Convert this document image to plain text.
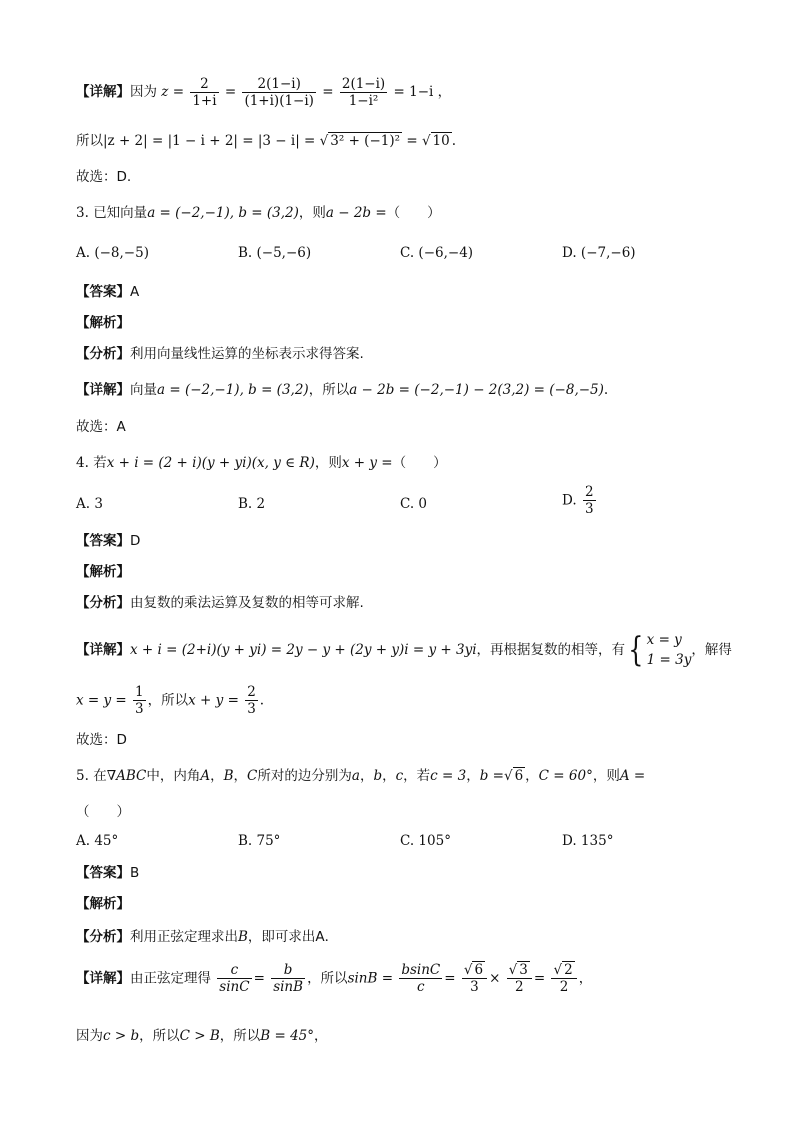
【详解】因为 $z = \frac{2}{1+i} = \frac{2(1-i)}{(1+i)(1-i)} = \frac{2(1-i)}{\text{1−i²}} = 1-i$ ，
所以|z + 2| = |1 − i + 2| = |3 − i| = √ 3² + (−1)² = √ 10 .
故选：D.
3. 已知向量a = (−2,−1), b = (3,2)，则a − 2b =（　　）
A. (−8,−5)	B. (−5,−6)	C. (−6,−4)	D. (−7,−6)
【答案】A
【解析】
【分析】利用向量线性运算的坐标表示求得答案.
【详解】向量a = (−2,−1), b = (3,2)，所以a − 2b = (−2,−1) − 2(3,2) = (−8,−5).
故选：A
4. 若x + i = (2 + i)(y + yi)(x, y ∈ R)，则x + y =（　　）
A. 3	B. 2	C. 0	D. $\frac{2}{3}$
【答案】D
【解析】
【分析】由复数的乘法运算及复数的相等可求解.
【详解】x + i = (2+i)(y + yi) = 2y − y + (2y + y)i = y + 3yi，再根据复数的相等，有{ x = y
1 = 3y
，解得
$x = y = \frac{1}{3}$ ，所以$x + y = \frac{2}{3}$ .
故选：D
5. 在∇ABC中，内角A，B，C所对的边分别为a，b，c，若c = 3，b =√ 6 ，C = 60°，则A =
（　　）
A. 45°	B. 75°	C. 105°	D. 135°
【答案】B
【解析】
【分析】利用正弦定理求出B，即可求出A．
【详解】由正弦定理得 $\frac{c}{\sin C} = \frac{b}{\sin B}$ ，所以$\sin B = \frac{bsinC}{c} = \frac{√ 6}{3} \times \frac{√ 3}{2} = \frac{√ 2}{2}$ ，
因为c > b，所以C > B，所以B = 45°，
